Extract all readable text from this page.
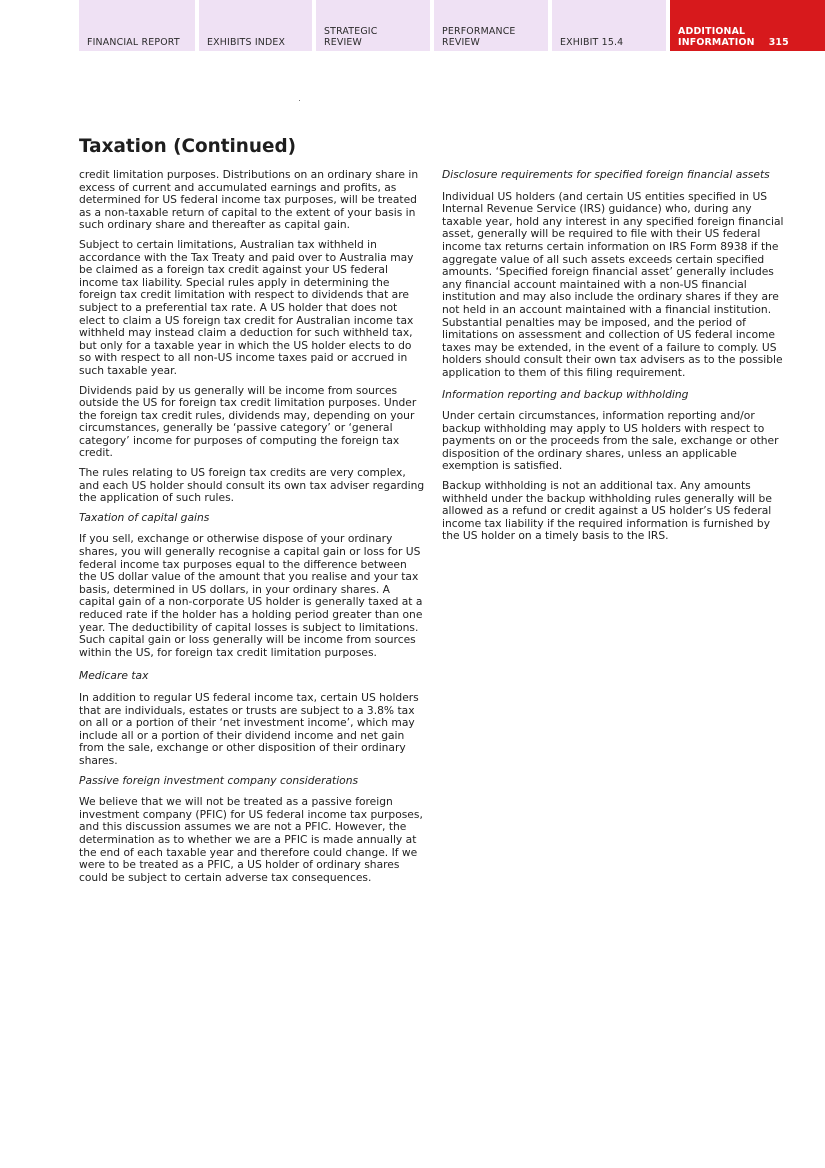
FINANCIAL REPORT	EXHIBITS INDEX
STRATEGIC
REVIEW
PERFORMANCE
REVIEW	EXHIBIT 15.4
ADDITIONAL
INFORMATION 315
Taxation (Continued)

credit limitation purposes. Distributions on an ordinary share in excess of current and accumulated earnings and profits, as determined for US federal income tax purposes, will be treated as a non-taxable return of capital to the extent of your basis in such ordinary share and thereafter as capital gain.

Subject to certain limitations, Australian tax withheld in accordance with the Tax Treaty and paid over to Australia may be claimed as a foreign tax credit against your US federal income tax liability. Special rules apply in determining the foreign tax credit limitation with respect to dividends that are subject to a preferential tax rate. A US holder that does not elect to claim a US foreign tax credit for Australian income tax withheld may instead claim a deduction for such withheld tax, but only for a taxable year in which the US holder elects to do so with respect to all non-US income taxes paid or accrued in such taxable year.

Dividends paid by us generally will be income from sources outside the US for foreign tax credit limitation purposes. Under the foreign tax credit rules, dividends may, depending on your circumstances, generally be ‘passive category’ or ‘general category’ income for purposes of computing the foreign tax credit.

The rules relating to US foreign tax credits are very complex, and each US holder should consult its own tax adviser regarding the application of such rules.

Taxation of capital gains

If you sell, exchange or otherwise dispose of your ordinary shares, you will generally recognise a capital gain or loss for US federal income tax purposes equal to the difference between the US dollar value of the amount that you realise and your tax basis, determined in US dollars, in your ordinary shares. A capital gain of a non-corporate US holder is generally taxed at a reduced rate if the holder has a holding period greater than one year. The deductibility of capital losses is subject to limitations. Such capital gain or loss generally will be income from sources within the US, for foreign tax credit limitation purposes.

Medicare tax

In addition to regular US federal income tax, certain US holders that are individuals, estates or trusts are subject to a 3.8% tax on all or a portion of their ‘net investment income’, which may include all or a portion of their dividend income and net gain from the sale, exchange or other disposition of their ordinary shares.

Passive foreign investment company considerations

We believe that we will not be treated as a passive foreign investment company (PFIC) for US federal income tax purposes, and this discussion assumes we are not a PFIC. However, the determination as to whether we are a PFIC is made annually at the end of each taxable year and therefore could change. If we were to be treated as a PFIC, a US holder of ordinary shares could be subject to certain adverse tax consequences.

Disclosure requirements for specified foreign financial assets

Individual US holders (and certain US entities specified in US Internal Revenue Service (IRS) guidance) who, during any taxable year, hold any interest in any specified foreign financial asset, generally will be required to file with their US federal income tax returns certain information on IRS Form 8938 if the aggregate value of all such assets exceeds certain specified amounts. ‘Specified foreign financial asset’ generally includes any financial account maintained with a non-US financial institution and may also include the ordinary shares if they are not held in an account maintained with a financial institution. Substantial penalties may be imposed, and the period of limitations on assessment and collection of US federal income taxes may be extended, in the event of a failure to comply. US holders should consult their own tax advisers as to the possible application to them of this filing requirement.

Information reporting and backup withholding

Under certain circumstances, information reporting and/or backup withholding may apply to US holders with respect to payments on or the proceeds from the sale, exchange or other disposition of the ordinary shares, unless an applicable exemption is satisfied.

Backup withholding is not an additional tax. Any amounts withheld under the backup withholding rules generally will be allowed as a refund or credit against a US holder’s US federal income tax liability if the required information is furnished by the US holder on a timely basis to the IRS.
